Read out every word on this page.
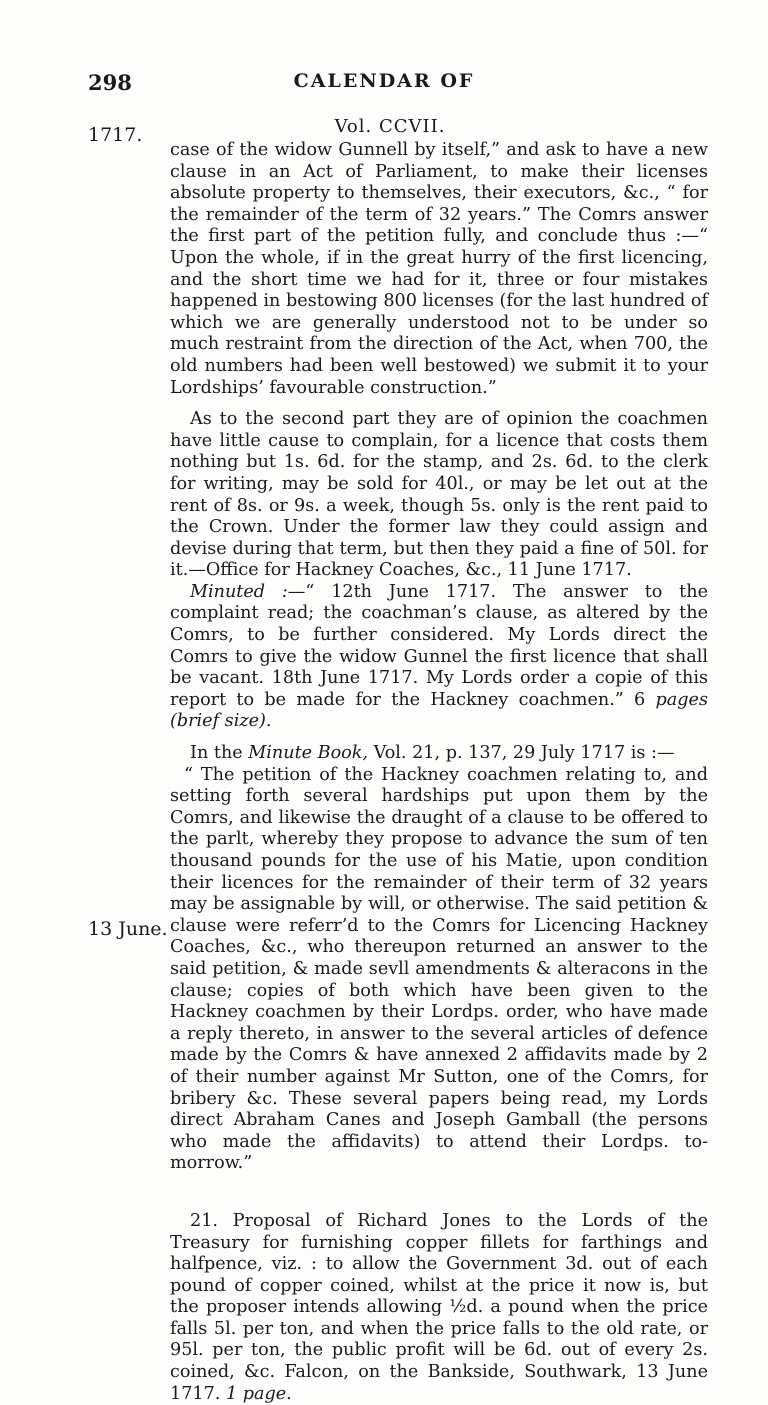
298	CALENDAR OF
Vol. CCVII.
1717.
13 June.

case of the widow Gunnell by itself,” and ask to have a new clause in an Act of Parliament, to make their licenses absolute property to themselves, their executors, &c., “ for the remainder of the term of 32 years.” The Comrs answer the first part of the petition fully, and conclude thus :—“ Upon the whole, if in the great hurry of the first licencing, and the short time we had for it, three or four mistakes happened in bestowing 800 licenses (for the last hundred of which we are generally understood not to be under so much restraint from the direction of the Act, when 700, the old numbers had been well bestowed) we submit it to your Lordships’ favourable construction.”

As to the second part they are of opinion the coachmen have little cause to complain, for a licence that costs them nothing but 1s. 6d. for the stamp, and 2s. 6d. to the clerk for writing, may be sold for 40l., or may be let out at the rent of 8s. or 9s. a week, though 5s. only is the rent paid to the Crown. Under the former law they could assign and devise during that term, but then they paid a fine of 50l. for it.—Office for Hackney Coaches, &c., 11 June 1717.

Minuted :—“ 12th June 1717. The answer to the complaint read; the coachman’s clause, as altered by the Comrs, to be further considered. My Lords direct the Comrs to give the widow Gunnel the first licence that shall be vacant. 18th June 1717. My Lords order a copie of this report to be made for the Hackney coachmen.” 6 pages (brief size).

In the Minute Book, Vol. 21, p. 137, 29 July 1717 is :—

“ The petition of the Hackney coachmen relating to, and setting forth several hardships put upon them by the Comrs, and likewise the draught of a clause to be offered to the parlt, whereby they propose to advance the sum of ten thousand pounds for the use of his Matie, upon condition their licences for the remainder of their term of 32 years may be assignable by will, or otherwise. The said petition & clause were referr’d to the Comrs for Licencing Hackney Coaches, &c., who thereupon returned an answer to the said petition, & made sevll amendments & alteracons in the clause; copies of both which have been given to the Hackney coachmen by their Lordps. order, who have made a reply thereto, in answer to the several articles of defence made by the Comrs & have annexed 2 affidavits made by 2 of their number against Mr Sutton, one of the Comrs, for bribery &c. These several papers being read, my Lords direct Abraham Canes and Joseph Gamball (the persons who made the affidavits) to attend their Lordps. to-morrow.”

21. Proposal of Richard Jones to the Lords of the Treasury for furnishing copper fillets for farthings and halfpence, viz. : to allow the Government 3d. out of each pound of copper coined, whilst at the price it now is, but the proposer intends allowing ½d. a pound when the price falls 5l. per ton, and when the price falls to the old rate, or 95l. per ton, the public profit will be 6d. out of every 2s. coined, &c. Falcon, on the Bankside, Southwark, 13 June 1717. 1 page.
